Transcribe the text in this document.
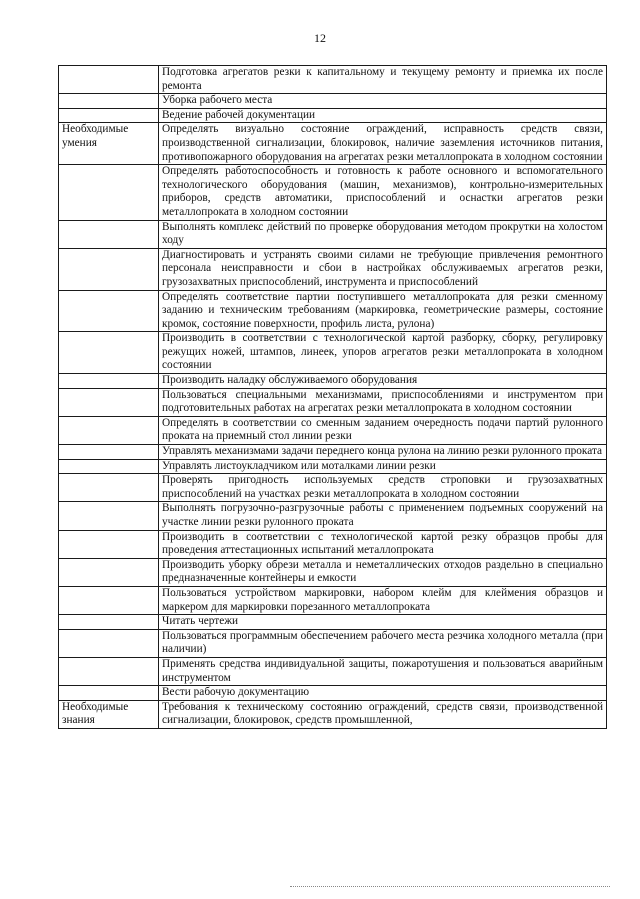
12
	Подготовка агрегатов резки к капитальному и текущему ремонту и приемка их после ремонта
	Уборка рабочего места
	Ведение рабочей документации
Необходимые умения	Определять визуально состояние ограждений, исправность средств связи, производственной сигнализации, блокировок, наличие заземления источников питания, противопожарного оборудования на агрегатах резки металлопроката в холодном состоянии
	Определять работоспособность и готовность к работе основного и вспомогательного технологического оборудования (машин, механизмов), контрольно-измерительных приборов, средств автоматики, приспособлений и оснастки агрегатов резки металлопроката в холодном состоянии
	Выполнять комплекс действий по проверке оборудования методом прокрутки на холостом ходу
	Диагностировать и устранять своими силами не требующие привлечения ремонтного персонала неисправности и сбои в настройках обслуживаемых агрегатов резки, грузозахватных приспособлений, инструмента и приспособлений
	Определять соответствие партии поступившего металлопроката для резки сменному заданию и техническим требованиям (маркировка, геометрические размеры, состояние кромок, состояние поверхности, профиль листа, рулона)
	Производить в соответствии с технологической картой разборку, сборку, регулировку режущих ножей, штампов, линеек, упоров агрегатов резки металлопроката в холодном состоянии
	Производить наладку обслуживаемого оборудования
	Пользоваться специальными механизмами, приспособлениями и инструментом при подготовительных работах на агрегатах резки металлопроката в холодном состоянии
	Определять в соответствии со сменным заданием очередность подачи партий рулонного проката на приемный стол линии резки
	Управлять механизмами задачи переднего конца рулона на линию резки рулонного проката
	Управлять листоукладчиком или моталками линии резки
	Проверять пригодность используемых средств строповки и грузозахватных приспособлений на участках резки металлопроката в холодном состоянии
	Выполнять погрузочно-разгрузочные работы с применением подъемных сооружений на участке линии резки рулонного проката
	Производить в соответствии с технологической картой резку образцов пробы для проведения аттестационных испытаний металлопроката
	Производить уборку обрези металла и неметаллических отходов раздельно в специально предназначенные контейнеры и емкости
	Пользоваться устройством маркировки, набором клейм для клеймения образцов и маркером для маркировки порезанного металлопроката
	Читать чертежи
	Пользоваться программным обеспечением рабочего места резчика холодного металла (при наличии)
	Применять средства индивидуальной защиты, пожаротушения и пользоваться аварийным инструментом
	Вести рабочую документацию
Необходимые знания	Требования к техническому состоянию ограждений, средств связи, производственной сигнализации, блокировок, средств промышленной,
